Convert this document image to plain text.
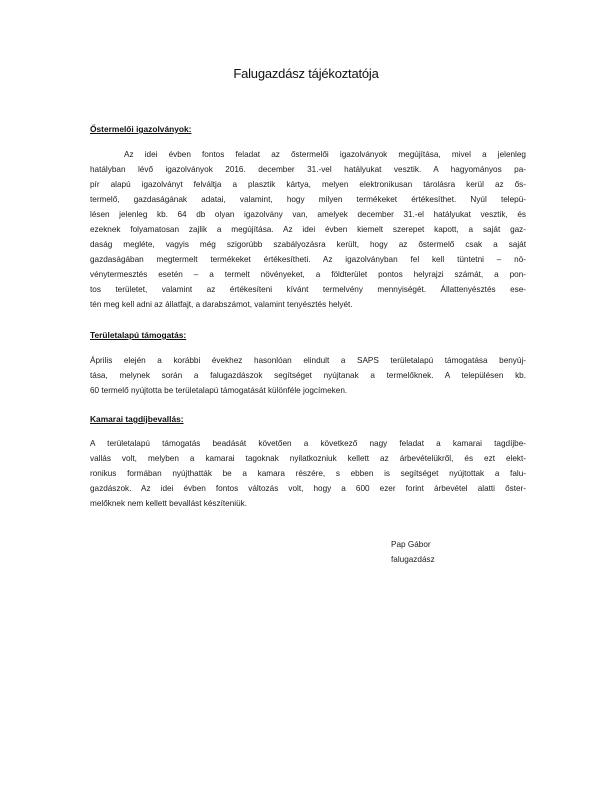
Falugazdász tájékoztatója
Őstermelői igazolványok:
Az idei évben fontos feladat az őstermelői igazolványok megújítása, mivel a jelenleg
hatályban lévő igazolványok 2016. december 31.-vel hatályukat vesztik. A hagyományos pa-
pír alapú igazolványt felváltja a plasztik kártya, melyen elektronikusan tárolásra kerül az ős-
termelő, gazdaságának adatai, valamint, hogy milyen termékeket értékesíthet. Nyúl telepü-
lésen jelenleg kb. 64 db olyan igazolvány van, amelyek december 31.-el hatályukat vesztik, és
ezeknek folyamatosan zajlik a megújítása. Az idei évben kiemelt szerepet kapott, a saját gaz-
daság megléte, vagyis még szigorúbb szabályozásra került, hogy az őstermelő csak a saját
gazdaságában megtermelt termékeket értékesítheti. Az igazolványban fel kell tüntetni – nö-
vénytermesztés esetén – a termelt növényeket, a földterület pontos helyrajzi számát, a pon-
tos területet, valamint az értékesíteni kívánt termelvény mennyiségét. Állattenyésztés ese-
tén meg kell adni az állatfajt, a darabszámot, valamint tenyésztés helyét.
Területalapú támogatás:
Április elején a korábbi évekhez hasonlóan elindult a SAPS területalapú támogatása benyúj-
tása, melynek során a falugazdászok segítséget nyújtanak a termelőknek. A településen kb.
60 termelő nyújtotta be területalapú támogatását különféle jogcímeken.
Kamarai tagdíjbevallás:
A területalapú támogatás beadását követően a következő nagy feladat a kamarai tagdíjbe-
vallás volt, melyben a kamarai tagoknak nyilatkozniuk kellett az árbevételükről, és ezt elekt-
ronikus formában nyújthatták be a kamara részére, s ebben is segítséget nyújtottak a falu-
gazdászok. Az idei évben fontos változás volt, hogy a 600 ezer forint árbevétel alatti őster-
melőknek nem kellett bevallást készíteniük.
Pap Gábor
falugazdász
